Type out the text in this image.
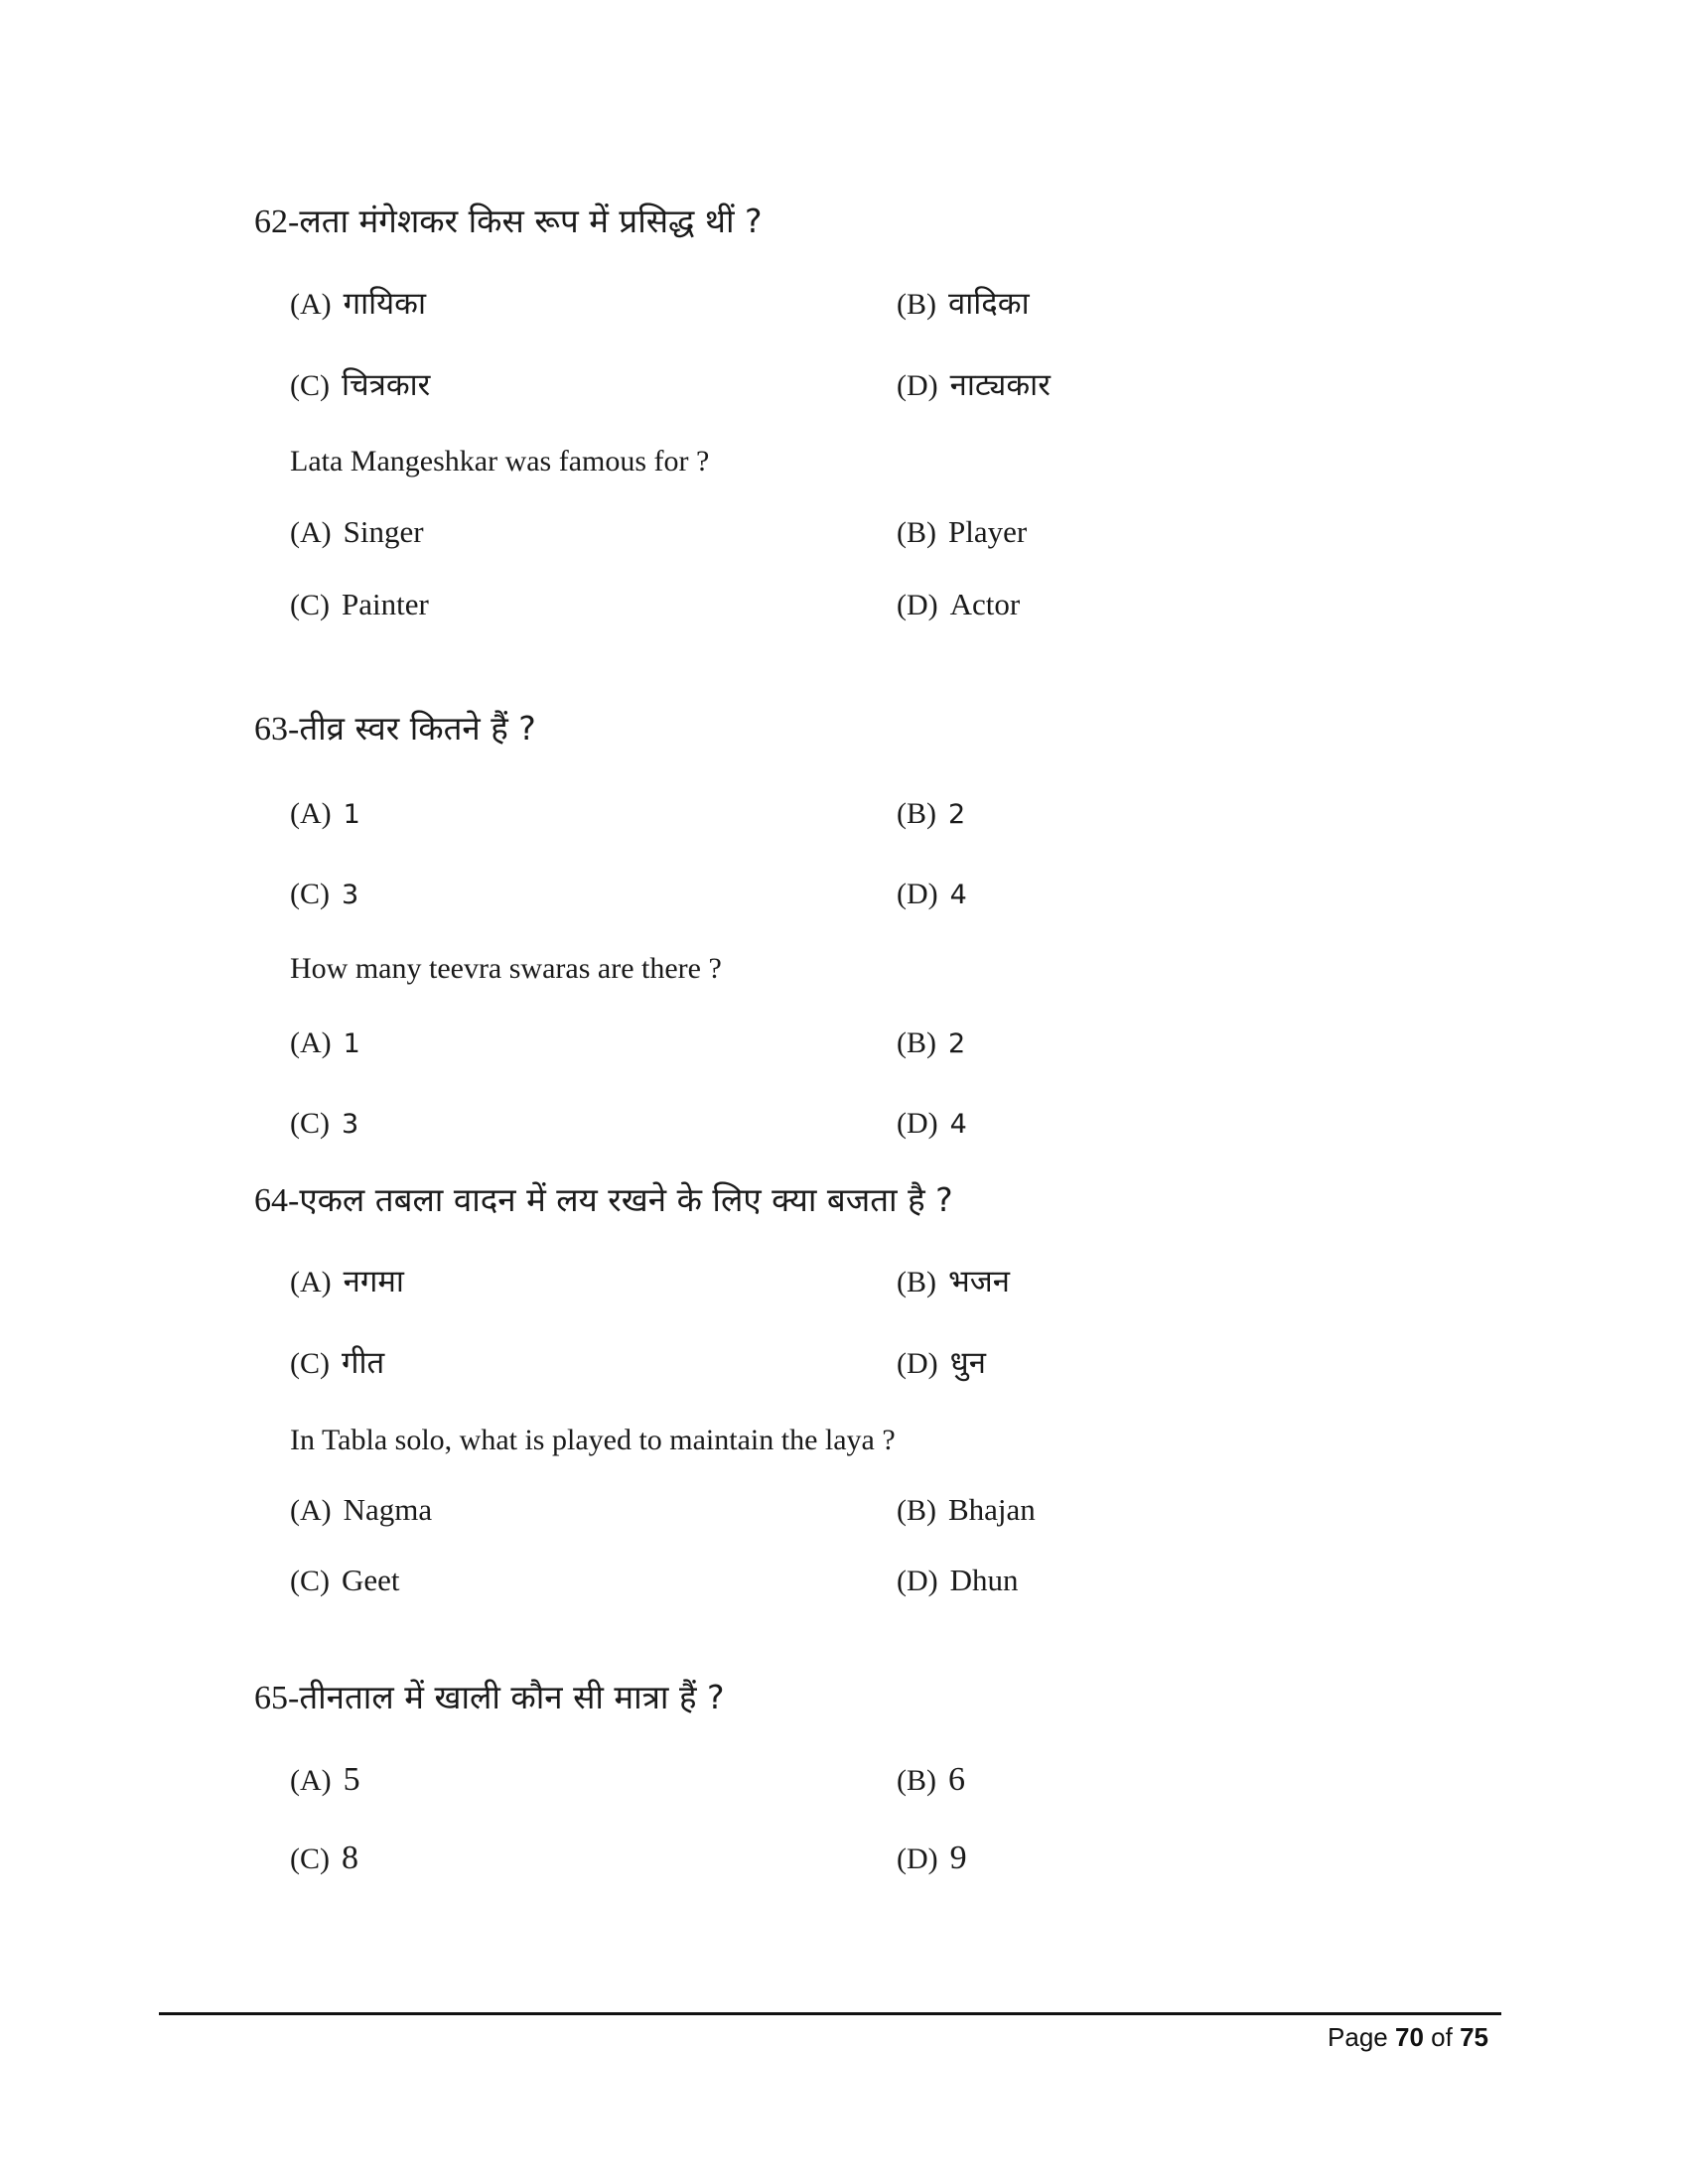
62-लता मंगेशकर किस रूप में प्रसिद्ध थीं ?
(A) गायिका	(B) वादिका
(C) चित्रकार	(D) नाट्यकार
Lata Mangeshkar was famous for ?
(A) Singer	(B) Player
(C) Painter	(D) Actor
63-तीव्र स्वर कितने हैं ?
(A) 1	(B) 2
(C) 3	(D) 4
How many teevra swaras are there ?
(A) 1	(B) 2
(C) 3	(D) 4
64-एकल तबला वादन में लय रखने के लिए क्या बजता है ?
(A) नगमा	(B) भजन
(C) गीत	(D) धुन
In Tabla solo, what is played to maintain the laya ?
(A) Nagma	(B) Bhajan
(C) Geet	(D) Dhun
65-तीनताल में खाली कौन सी मात्रा हैं ?
(A) 5	(B) 6
(C) 8	(D) 9
Page 70 of 75
